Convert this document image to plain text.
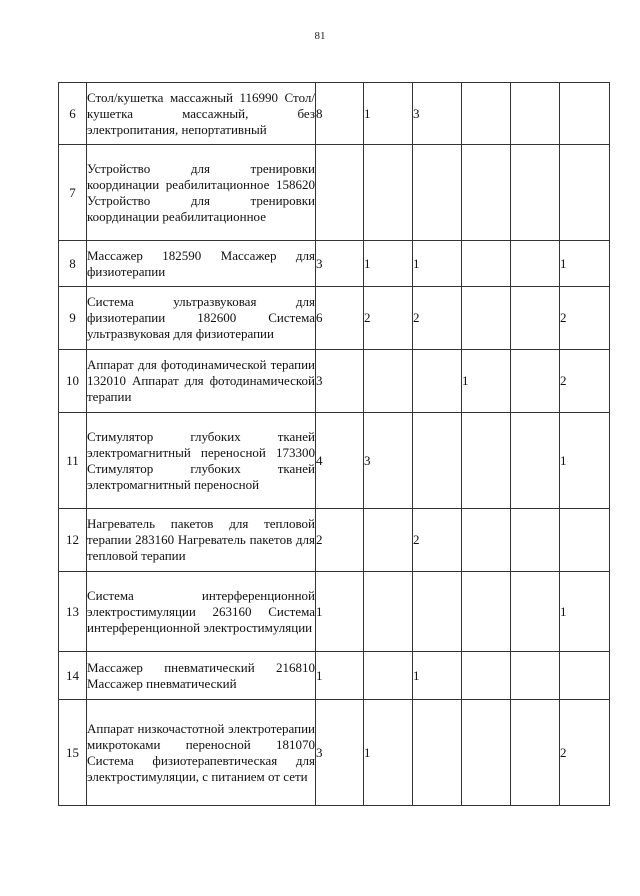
81
6	Стол/кушетка массажный 116990 Стол/кушетка массажный, без электропитания, непортативный	8	1	3			
7	Устройство для тренировки координации реабилитационное 158620 Устройство для тренировки координации реабилитационное						
8	Массажер 182590 Массажер для физиотерапии	3	1	1			1
9	Система ультразвуковая для физиотерапии 182600 Система ультразвуковая для физиотерапии	6	2	2			2
10	Аппарат для фотодинамической терапии 132010 Аппарат для фотодинамической терапии	3			1		2
11	Стимулятор глубоких тканей электромагнитный переносной 173300 Стимулятор глубоких тканей электромагнитный переносной	4	3				1
12	Нагреватель пакетов для тепловой терапии 283160 Нагреватель пакетов для тепловой терапии	2		2			
13	Система интерференционной электростимуляции 263160 Система интерференционной электростимуляции	1					1
14	Массажер пневматический 216810 Массажер пневматический	1		1			
15	Аппарат низкочастотной электротерапии микротоками переносной 181070 Система физиотерапевтическая для электростимуляции, с питанием от сети	3	1				2
